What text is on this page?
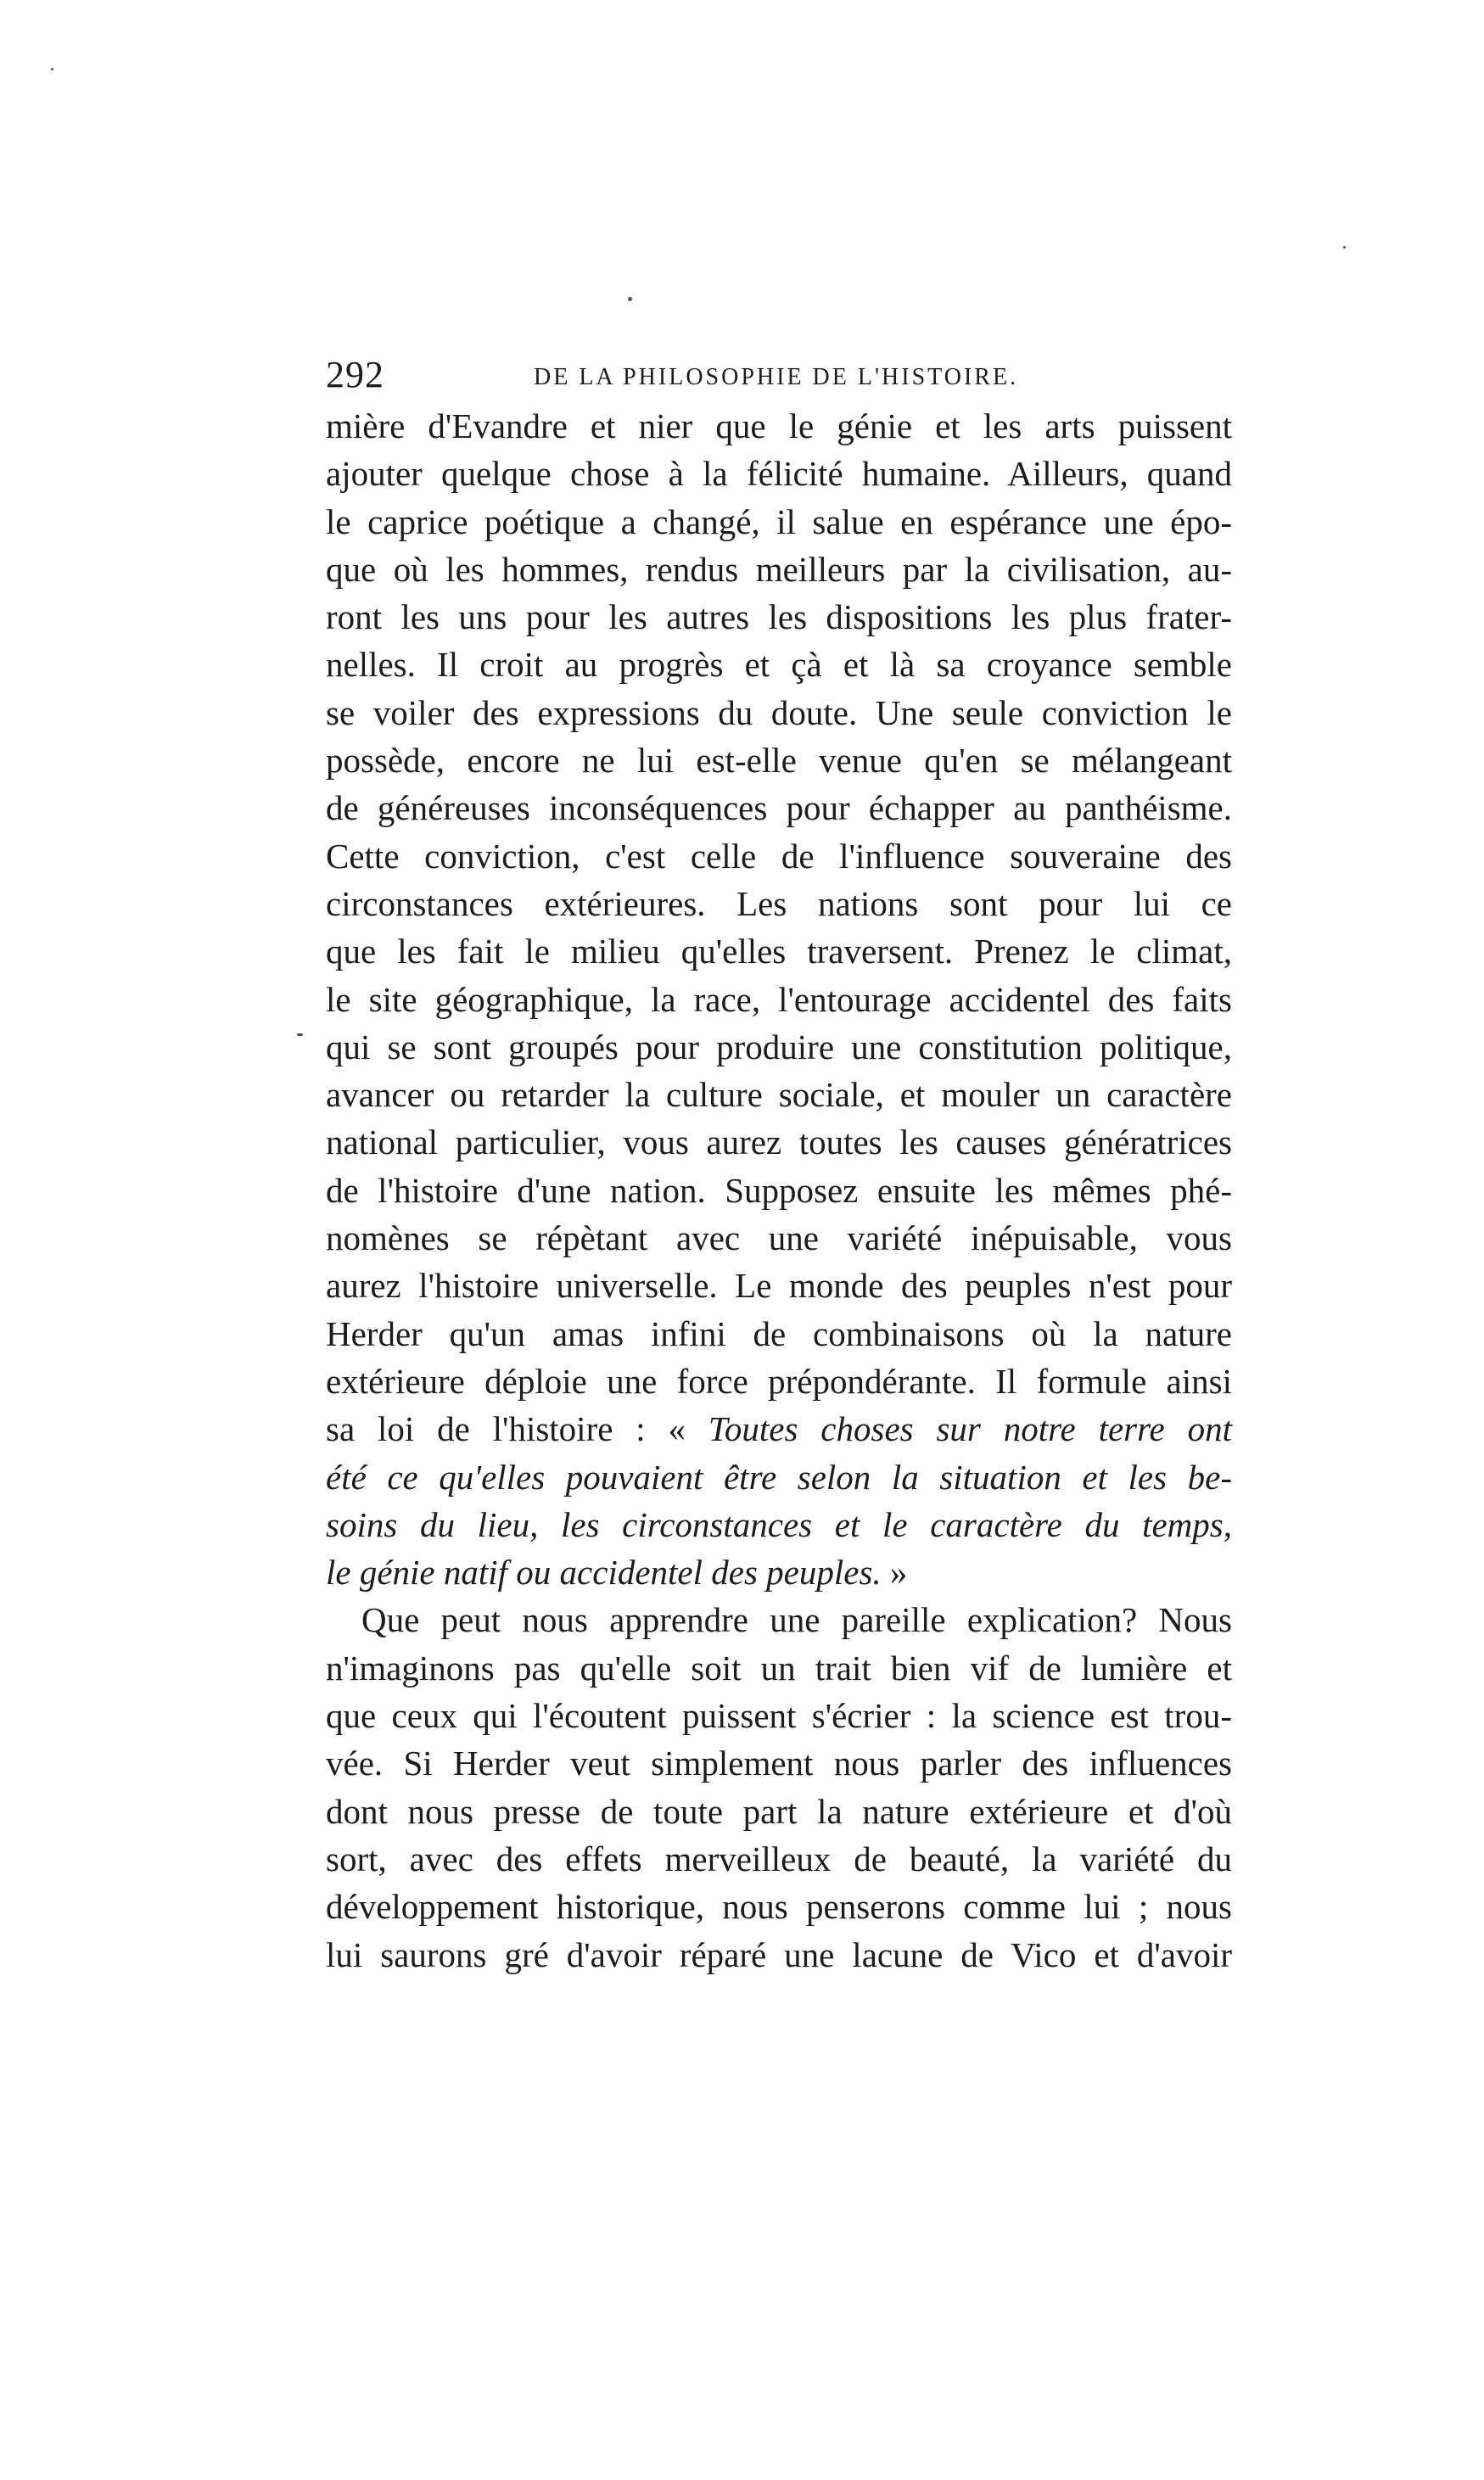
292	DE LA PHILOSOPHIE DE L'HISTOIRE.
mière d'Evandre et nier que le génie et les arts puissent
ajouter quelque chose à la félicité humaine. Ailleurs, quand
le caprice poétique a changé, il salue en espérance une épo-
que où les hommes, rendus meilleurs par la civilisation, au-
ront les uns pour les autres les dispositions les plus frater-
nelles. Il croit au progrès et çà et là sa croyance semble
se voiler des expressions du doute. Une seule conviction le
possède, encore ne lui est-elle venue qu'en se mélangeant
de généreuses inconséquences pour échapper au panthéisme.
Cette conviction, c'est celle de l'influence souveraine des
circonstances extérieures. Les nations sont pour lui ce
que les fait le milieu qu'elles traversent. Prenez le climat,
le site géographique, la race, l'entourage accidentel des faits
qui se sont groupés pour produire une constitution politique,
avancer ou retarder la culture sociale, et mouler un caractère
national particulier, vous aurez toutes les causes génératrices
de l'histoire d'une nation. Supposez ensuite les mêmes phé-
nomènes se répètant avec une variété inépuisable, vous
aurez l'histoire universelle. Le monde des peuples n'est pour
Herder qu'un amas infini de combinaisons où la nature
extérieure déploie une force prépondérante. Il formule ainsi
sa loi de l'histoire : « Toutes choses sur notre terre ont
été ce qu'elles pouvaient être selon la situation et les be-
soins du lieu, les circonstances et le caractère du temps,
le génie natif ou accidentel des peuples. »
Que peut nous apprendre une pareille explication? Nous
n'imaginons pas qu'elle soit un trait bien vif de lumière et
que ceux qui l'écoutent puissent s'écrier : la science est trou-
vée. Si Herder veut simplement nous parler des influences
dont nous presse de toute part la nature extérieure et d'où
sort, avec des effets merveilleux de beauté, la variété du
développement historique, nous penserons comme lui ; nous
lui saurons gré d'avoir réparé une lacune de Vico et d'avoir
